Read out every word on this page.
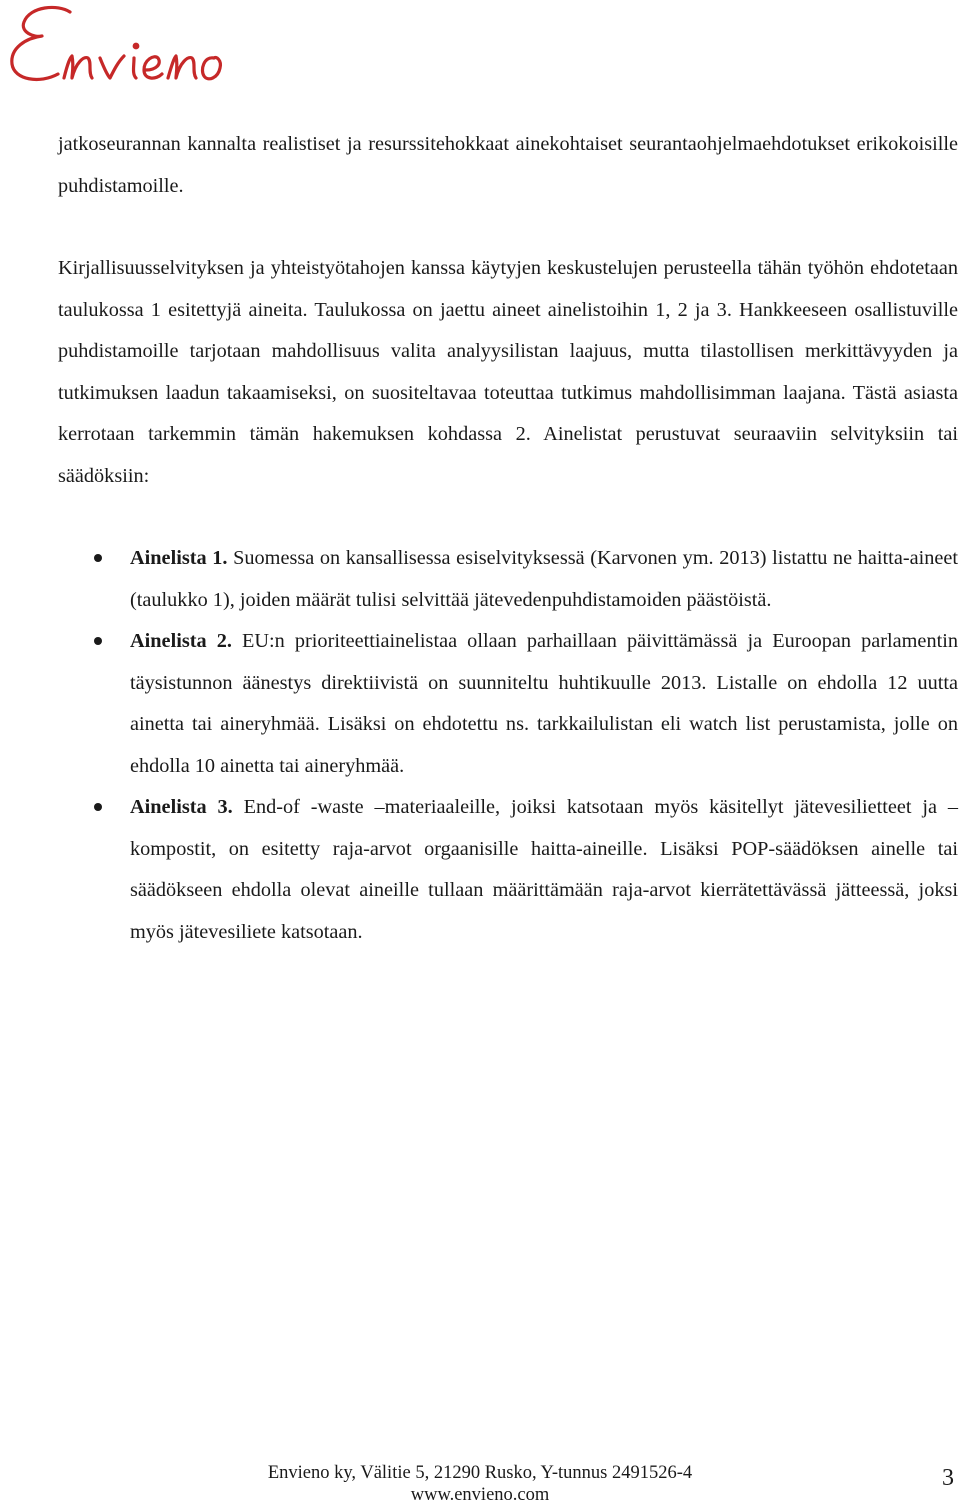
jatkoseurannan kannalta realistiset ja resurssitehokkaat ainekohtaiset seurantaohjelmaehdotukset erikokoisille puhdistamoille.

Kirjallisuusselvityksen ja yhteistyötahojen kanssa käytyjen keskustelujen perusteella tähän työhön ehdotetaan taulukossa 1 esitettyjä aineita. Taulukossa on jaettu aineet ainelistoihin 1, 2 ja 3. Hankkeeseen osallistuville puhdistamoille tarjotaan mahdollisuus valita analyysilistan laajuus, mutta tilastollisen merkittävyyden ja tutkimuksen laadun takaamiseksi, on suositeltavaa toteuttaa tutkimus mahdollisimman laajana. Tästä asiasta kerrotaan tarkemmin tämän hakemuksen kohdassa 2. Ainelistat perustuvat seuraaviin selvityksiin tai säädöksiin:

Ainelista 1. Suomessa on kansallisessa esiselvityksessä (Karvonen ym. 2013) listattu ne haitta-aineet (taulukko 1), joiden määrät tulisi selvittää jätevedenpuhdistamoiden päästöistä.
Ainelista 2. EU:n prioriteettiainelistaa ollaan parhaillaan päivittämässä ja Euroopan parlamentin täysistunnon äänestys direktiivistä on suunniteltu huhtikuulle 2013. Listalle on ehdolla 12 uutta ainetta tai aineryhmää. Lisäksi on ehdotettu ns. tarkkailulistan eli watch list perustamista, jolle on ehdolla 10 ainetta tai aineryhmää.
Ainelista 3. End-of -waste –materiaaleille, joiksi katsotaan myös käsitellyt jätevesilietteet ja –kompostit, on esitetty raja-arvot orgaanisille haitta-aineille. Lisäksi POP-säädöksen ainelle tai säädökseen ehdolla olevat aineille tullaan määrittämään raja-arvot kierrätettävässä jätteessä, joksi myös jätevesiliete katsotaan.
Envieno ky, Välitie 5, 21290 Rusko, Y-tunnus 2491526-4
www.envieno.com
3
